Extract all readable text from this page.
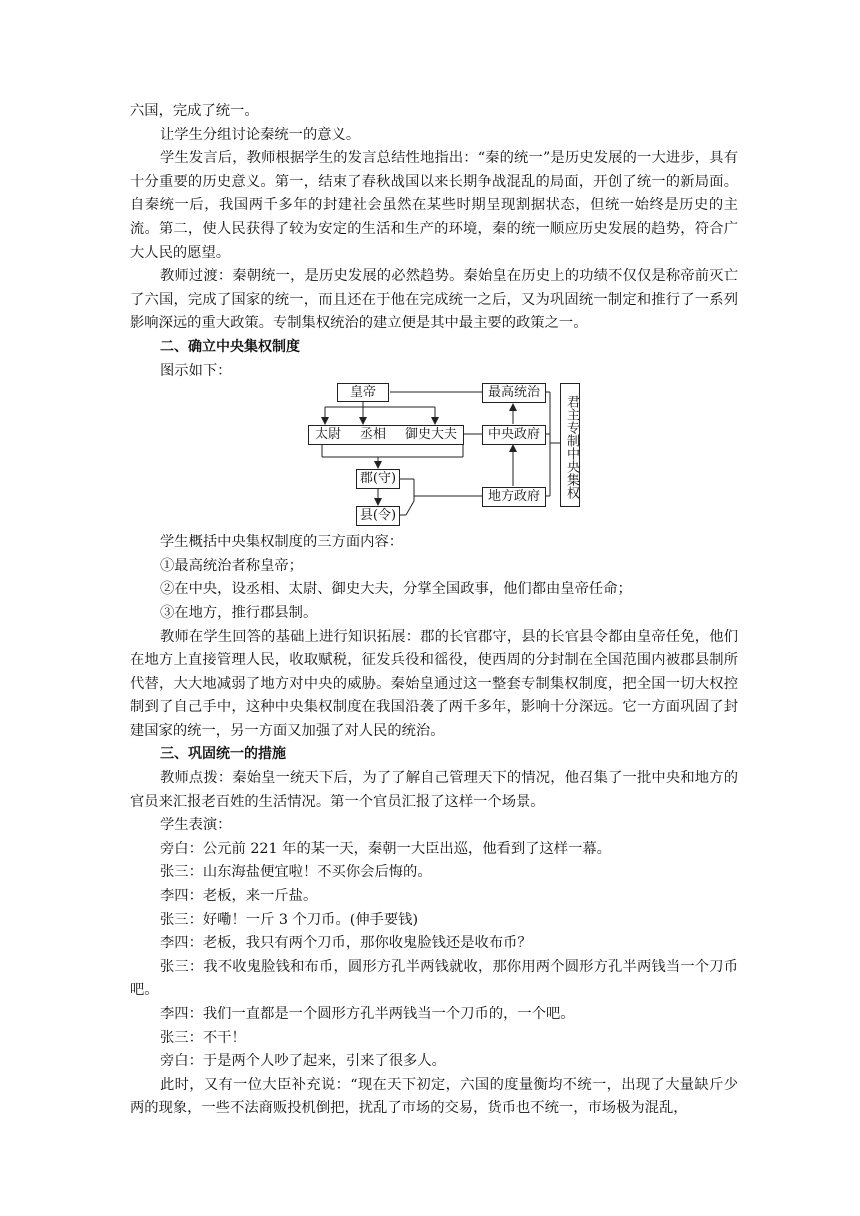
六国，完成了统一。

让学生分组讨论秦统一的意义。

学生发言后，教师根据学生的发言总结性地指出：“秦的统一”是历史发展的一大进步，具有十分重要的历史意义。第一，结束了春秋战国以来长期争战混乱的局面，开创了统一的新局面。自秦统一后，我国两千多年的封建社会虽然在某些时期呈现割据状态，但统一始终是历史的主流。第二，使人民获得了较为安定的生活和生产的环境，秦的统一顺应历史发展的趋势，符合广大人民的愿望。

教师过渡：秦朝统一，是历史发展的必然趋势。秦始皇在历史上的功绩不仅仅是称帝前灭亡了六国，完成了国家的统一，而且还在于他在完成统一之后，又为巩固统一制定和推行了一系列影响深远的重大政策。专制集权统治的建立便是其中最主要的政策之一。

二、确立中央集权制度

图示如下：

皇帝
太尉 丞相 御史大夫
郡(守)
县(令)
最高统治
中央政府
地方政府	君主专制中央集权

学生概括中央集权制度的三方面内容：

①最高统治者称皇帝；

②在中央，设丞相、太尉、御史大夫，分掌全国政事，他们都由皇帝任命；

③在地方，推行郡县制。

教师在学生回答的基础上进行知识拓展：郡的长官郡守，县的长官县令都由皇帝任免，他们在地方上直接管理人民，收取赋税，征发兵役和徭役，使西周的分封制在全国范围内被郡县制所代替，大大地减弱了地方对中央的威胁。秦始皇通过这一整套专制集权制度，把全国一切大权控制到了自己手中，这种中央集权制度在我国沿袭了两千多年，影响十分深远。它一方面巩固了封建国家的统一，另一方面又加强了对人民的统治。

三、巩固统一的措施

教师点拨：秦始皇一统天下后，为了了解自己管理天下的情况，他召集了一批中央和地方的官员来汇报老百姓的生活情况。第一个官员汇报了这样一个场景。

学生表演：

旁白：公元前 221 年的某一天，秦朝一大臣出巡，他看到了这样一幕。

张三：山东海盐便宜啦！不买你会后悔的。

李四：老板，来一斤盐。

张三：好嘞！一斤 3 个刀币。(伸手要钱)

李四：老板，我只有两个刀币，那你收鬼脸钱还是收布币？

张三：我不收鬼脸钱和布币，圆形方孔半两钱就收，那你用两个圆形方孔半两钱当一个刀币吧。

李四：我们一直都是一个圆形方孔半两钱当一个刀币的，一个吧。

张三：不干！

旁白：于是两个人吵了起来，引来了很多人。

此时，又有一位大臣补充说：“现在天下初定，六国的度量衡均不统一，出现了大量缺斤少两的现象，一些不法商贩投机倒把，扰乱了市场的交易，货币也不统一，市场极为混乱，
